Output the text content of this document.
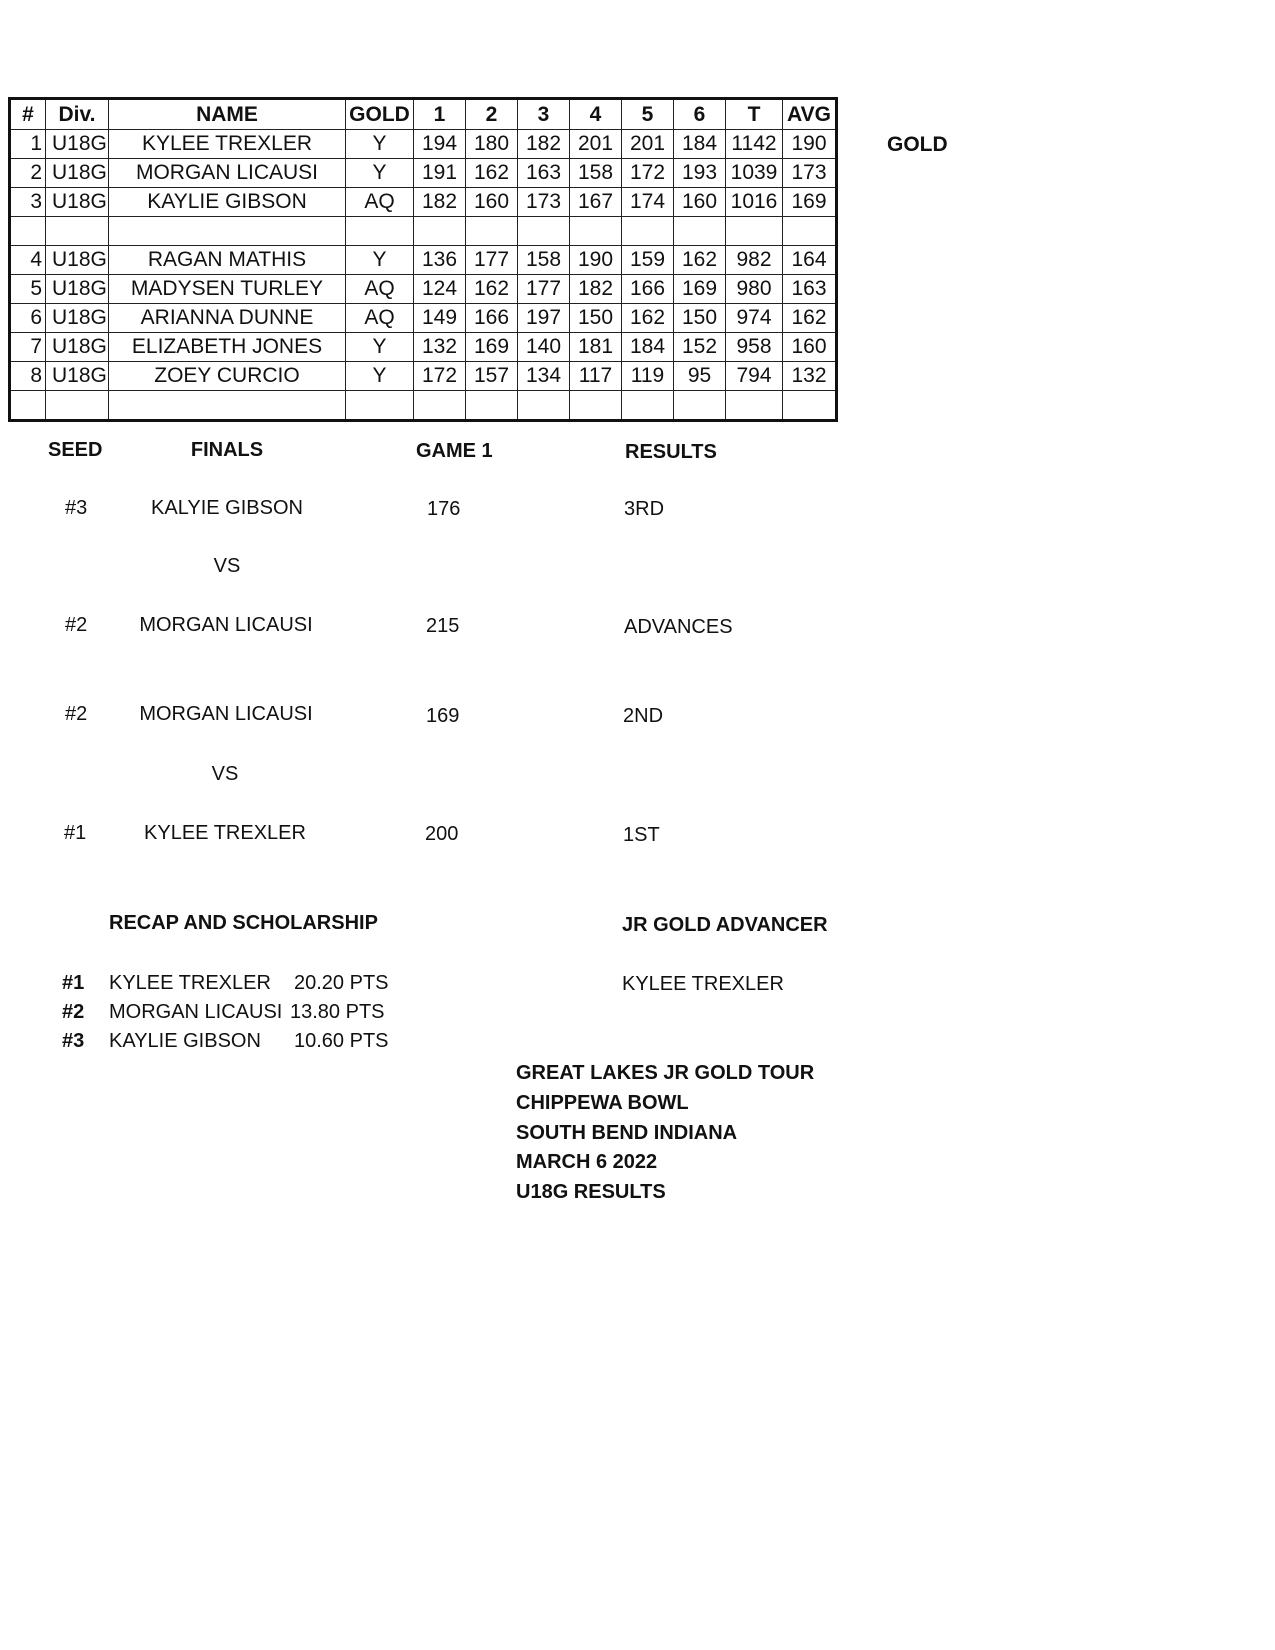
#	Div.	NAME	GOLD	1	2	3	4	5	6	T	AVG
1	U18G	KYLEE TREXLER	Y	194	180	182	201	201	184	1142	190
2	U18G	MORGAN LICAUSI	Y	191	162	163	158	172	193	1039	173
3	U18G	KAYLIE GIBSON	AQ	182	160	173	167	174	160	1016	169

4	U18G	RAGAN MATHIS	Y	136	177	158	190	159	162	982	164
5	U18G	MADYSEN TURLEY	AQ	124	162	177	182	166	169	980	163
6	U18G	ARIANNA DUNNE	AQ	149	166	197	150	162	150	974	162
7	U18G	ELIZABETH JONES	Y	132	169	140	181	184	152	958	160
8	U18G	ZOEY CURCIO	Y	172	157	134	117	119	95	794	132

GOLD
SEED	FINALS	GAME 1	RESULTS
#3	KALYIE GIBSON	176	3RD
VS
#2	MORGAN LICAUSI	215	ADVANCES
#2	MORGAN LICAUSI	169	2ND
VS
#1	KYLEE TREXLER	200	1ST
RECAP AND SCHOLARSHIP
#1 KYLEE TREXLER 20.20 PTS
#2 MORGAN LICAUSI 13.80 PTS
#3 KAYLIE GIBSON 10.60 PTS
JR GOLD ADVANCER
KYLEE TREXLER
GREAT LAKES JR GOLD TOUR
CHIPPEWA BOWL
SOUTH BEND INDIANA
MARCH 6 2022
U18G RESULTS
